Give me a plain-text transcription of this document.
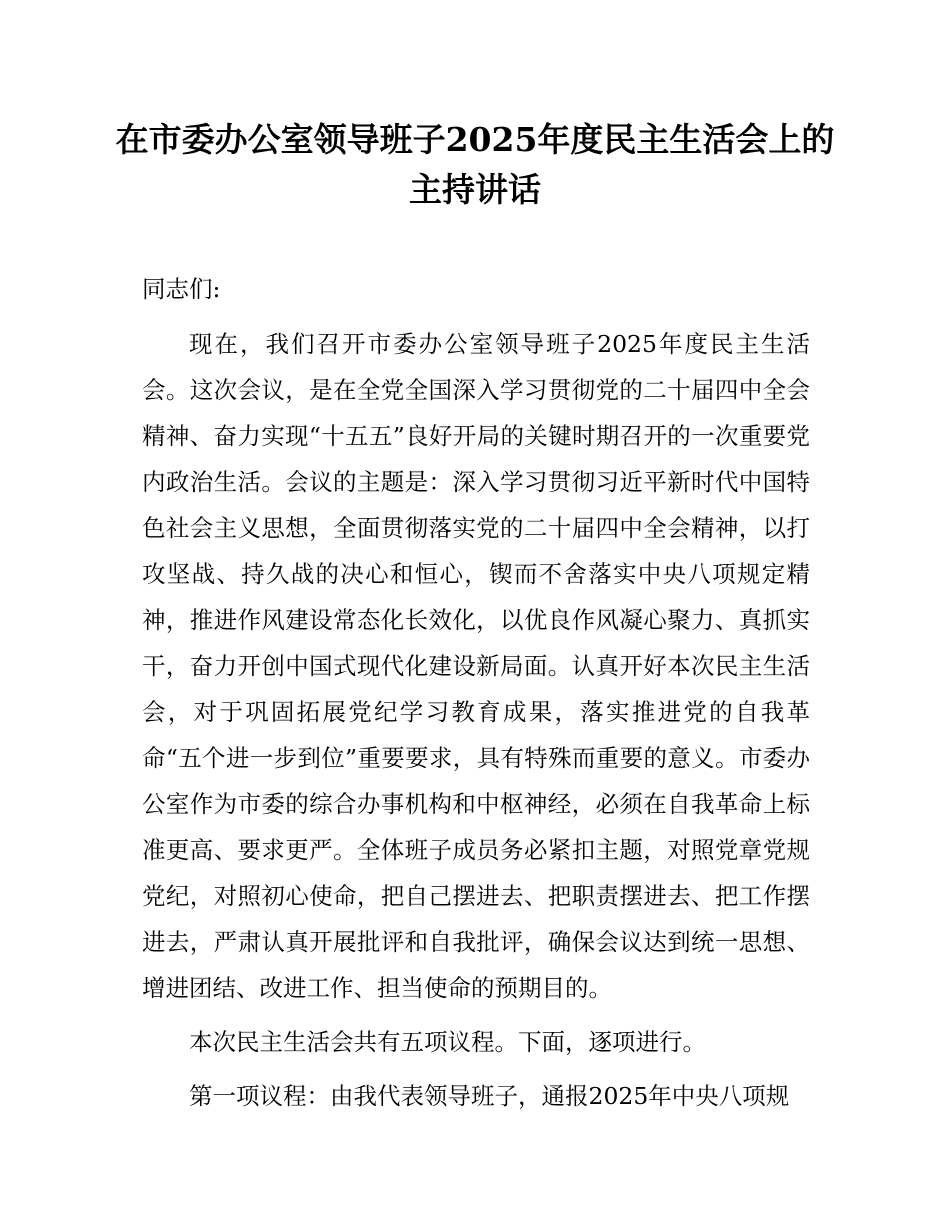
在市委办公室领导班子2025年度民主生活会上的主持讲话

同志们:

现在，我们召开市委办公室领导班子2025年度民主生活会。这次会议，是在全党全国深入学习贯彻党的二十届四中全会精神、奋力实现“十五五”良好开局的关键时期召开的一次重要党内政治生活。会议的主题是：深入学习贯彻习近平新时代中国特色社会主义思想，全面贯彻落实党的二十届四中全会精神，以打攻坚战、持久战的决心和恒心，锲而不舍落实中央八项规定精神，推进作风建设常态化长效化，以优良作风凝心聚力、真抓实干，奋力开创中国式现代化建设新局面。认真开好本次民主生活会，对于巩固拓展党纪学习教育成果，落实推进党的自我革命“五个进一步到位”重要要求，具有特殊而重要的意义。市委办公室作为市委的综合办事机构和中枢神经，必须在自我革命上标准更高、要求更严。全体班子成员务必紧扣主题，对照党章党规党纪，对照初心使命，把自己摆进去、把职责摆进去、把工作摆进去，严肃认真开展批评和自我批评，确保会议达到统一思想、增进团结、改进工作、担当使命的预期目的。

本次民主生活会共有五项议程。下面，逐项进行。

第一项议程：由我代表领导班子，通报2025年中央八项规
